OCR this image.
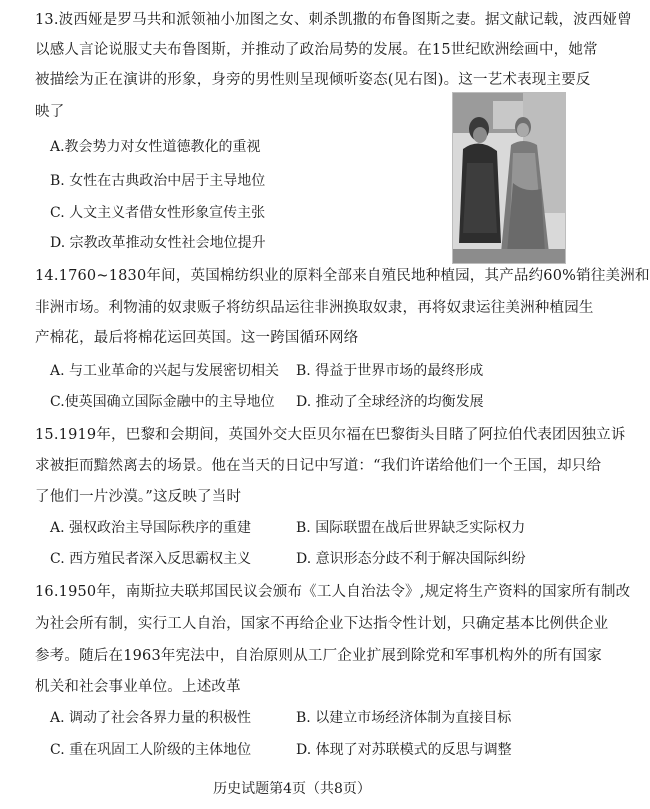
13.波西娅是罗马共和派领袖小加图之女、刺杀凯撒的布鲁图斯之妻。据文献记载，波西娅曾
以感人言论说服丈夫布鲁图斯，并推动了政治局势的发展。在15世纪欧洲绘画中，她常
被描绘为正在演讲的形象，身旁的男性则呈现倾听姿态(见右图)。这一艺术表现主要反
映了
A.教会势力对女性道德教化的重视
B. 女性在古典政治中居于主导地位
C. 人文主义者借女性形象宣传主张
D. 宗教改革推动女性社会地位提升
14.1760~1830年间，英国棉纺织业的原料全部来自殖民地种植园，其产品约60%销往美洲和
非洲市场。利物浦的奴隶贩子将纺织品运往非洲换取奴隶，再将奴隶运往美洲种植园生
产棉花，最后将棉花运回英国。这一跨国循环网络
A. 与工业革命的兴起与发展密切相关 B. 得益于世界市场的最终形成
C.使英国确立国际金融中的主导地位 D. 推动了全球经济的均衡发展
15.1919年，巴黎和会期间，英国外交大臣贝尔福在巴黎街头目睹了阿拉伯代表团因独立诉
求被拒而黯然离去的场景。他在当天的日记中写道：“我们许诺给他们一个王国，却只给
了他们一片沙漠。”这反映了当时
A. 强权政治主导国际秩序的重建	B. 国际联盟在战后世界缺乏实际权力
C. 西方殖民者深入反思霸权主义	D. 意识形态分歧不利于解决国际纠纷
16.1950年，南斯拉夫联邦国民议会颁布《工人自治法令》,规定将生产资料的国家所有制改
为社会所有制，实行工人自治，国家不再给企业下达指令性计划，只确定基本比例供企业
参考。随后在1963年宪法中，自治原则从工厂企业扩展到除党和军事机构外的所有国家
机关和社会事业单位。上述改革
A. 调动了社会各界力量的积极性	B. 以建立市场经济体制为直接目标
C. 重在巩固工人阶级的主体地位	D. 体现了对苏联模式的反思与调整
历史试题第4页（共8页）
